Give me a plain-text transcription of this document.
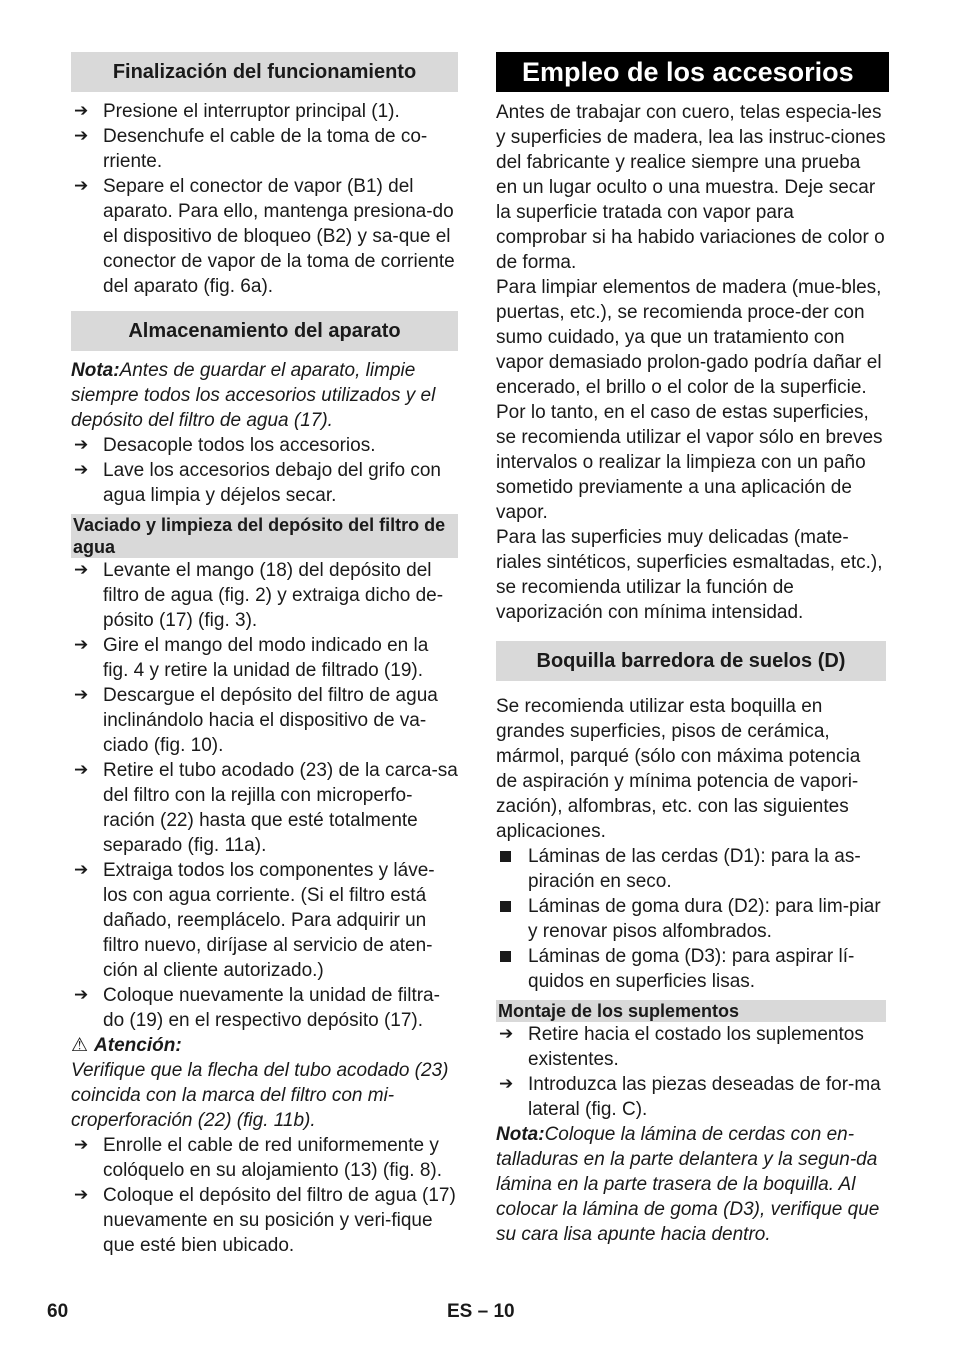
Finalización del funcionamiento
➔ Presione el interruptor principal (1).
➔ Desenchufe el cable de la toma de co-rriente.
➔ Separe el conector de vapor (B1) del aparato. Para ello, mantenga presiona-do el dispositivo de bloqueo (B2) y sa-que el conector de vapor de la toma de corriente del aparato (fig. 6a).
Almacenamiento del aparato

Nota:Antes de guardar el aparato, limpie siempre todos los accesorios utilizados y el depósito del filtro de agua (17).

➔ Desacople todos los accesorios.
➔ Lave los accesorios debajo del grifo con agua limpia y déjelos secar.
Vaciado y limpieza del depósito del filtro de agua
➔ Levante el mango (18) del depósito del filtro de agua (fig. 2) y extraiga dicho de-pósito (17) (fig. 3).
➔ Gire el mango del modo indicado en la fig. 4 y retire la unidad de filtrado (19).
➔ Descargue el depósito del filtro de agua inclinándolo hacia el dispositivo de va-ciado (fig. 10).
➔ Retire el tubo acodado (23) de la carca-sa del filtro con la rejilla con microperfo-ración (22) hasta que esté totalmente separado (fig. 11a).
➔ Extraiga todos los componentes y láve-los con agua corriente. (Si el filtro está dañado, reemplácelo. Para adquirir un filtro nuevo, diríjase al servicio de aten-ción al cliente autorizado.)
➔ Coloque nuevamente la unidad de filtra-do (19) en el respectivo depósito (17).

⚠ Atención:

Verifique que la flecha del tubo acodado (23) coincida con la marca del filtro con mi-croperforación (22) (fig. 11b).

➔ Enrolle el cable de red uniformemente y colóquelo en su alojamiento (13) (fig. 8).
➔ Coloque el depósito del filtro de agua (17) nuevamente en su posición y veri-fique que esté bien ubicado.
Empleo de los accesorios

Antes de trabajar con cuero, telas especia-les y superficies de madera, lea las instruc-ciones del fabricante y realice siempre una prueba en un lugar oculto o una muestra. Deje secar la superficie tratada con vapor para comprobar si ha habido variaciones de color o de forma.

Para limpiar elementos de madera (mue-bles, puertas, etc.), se recomienda proce-der con sumo cuidado, ya que un tratamiento con vapor demasiado prolon-gado podría dañar el encerado, el brillo o el color de la superficie. Por lo tanto, en el caso de estas superficies, se recomienda utilizar el vapor sólo en breves intervalos o realizar la limpieza con un paño sometido previamente a una aplicación de vapor.

Para las superficies muy delicadas (mate-riales sintéticos, superficies esmaltadas, etc.), se recomienda utilizar la función de vaporización con mínima intensidad.

Boquilla barredora de suelos (D)

Se recomienda utilizar esta boquilla en grandes superficies, pisos de cerámica, mármol, parqué (sólo con máxima potencia de aspiración y mínima potencia de vapori-zación), alfombras, etc. con las siguientes aplicaciones.

Láminas de las cerdas (D1): para la as-piración en seco.
Láminas de goma dura (D2): para lim-piar y renovar pisos alfombrados.
Láminas de goma (D3): para aspirar lí-quidos en superficies lisas.
Montaje de los suplementos
➔ Retire hacia el costado los suplementos existentes.
➔ Introduzca las piezas deseadas de for-ma lateral (fig. C).

Nota:Coloque la lámina de cerdas con en-talladuras en la parte delantera y la segun-da lámina en la parte trasera de la boquilla. Al colocar la lámina de goma (D3), verifique que su cara lisa apunte hacia dentro.

60	ES – 10
